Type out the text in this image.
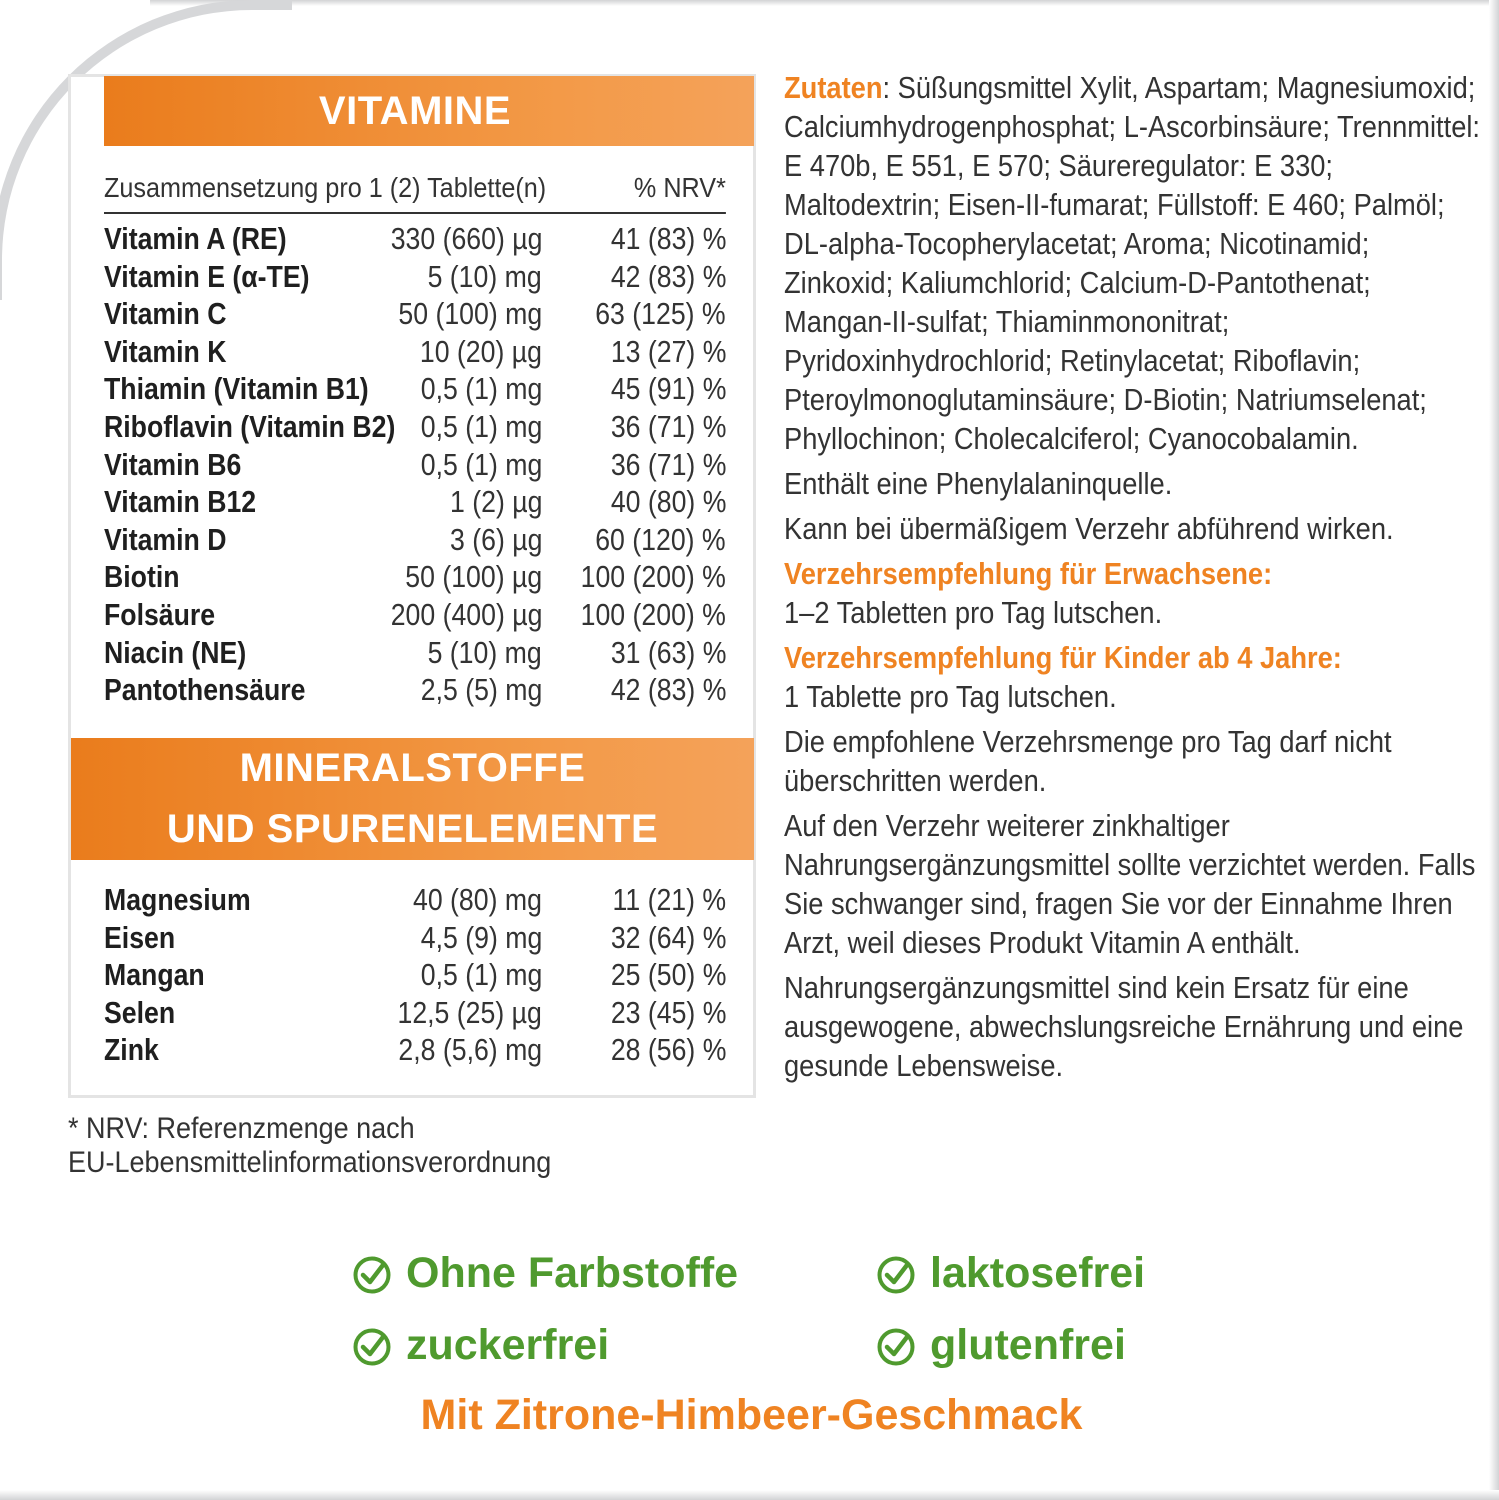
VITAMINE
Zusammensetzung pro 1 (2) Tablette(n)	% NRV*
Vitamin A (RE)	330 (660) µg 41 (83) %
Vitamin E (α-TE)	5 (10) mg 42 (83) %
Vitamin C	50 (100) mg 63 (125) %
Vitamin K	10 (20) µg 13 (27) %
Thiamin (Vitamin B1) 0,5 (1) mg 45 (91) %
Riboflavin (Vitamin B2) 0,5 (1) mg 36 (71) %
Vitamin B6	0,5 (1) mg 36 (71) %
Vitamin B12	1 (2) µg 40 (80) %
Vitamin D	3 (6) µg 60 (120) %
Biotin	50 (100) µg 100 (200) %
Folsäure	200 (400) µg 100 (200) %
Niacin (NE)	5 (10) mg 31 (63) %
Pantothensäure	2,5 (5) mg 42 (83) %
MINERALSTOFFE
UND SPURENELEMENTE
Magnesium	40 (80) mg 11 (21) %
Eisen	4,5 (9) mg 32 (64) %
Mangan	0,5 (1) mg 25 (50) %
Selen	12,5 (25) µg 23 (45) %
Zink	2,8 (5,6) mg 28 (56) %
* NRV: Referenzmenge nach
EU-Lebensmittelinformationsverordnung

Zutaten: Süßungsmittel Xylit, Aspartam; Magnesiumoxid; Calciumhydrogenphosphat; L-Ascorbinsäure; Trennmittel: E 470b, E 551, E 570; Säureregulator: E 330; Maltodextrin; Eisen-II-fumarat; Füllstoff: E 460; Palmöl; DL-alpha-Tocopherylacetat; Aroma; Nicotinamid; Zinkoxid; Kaliumchlorid; Calcium-D-Pantothenat; Mangan-II-sulfat; Thiaminmononitrat; Pyridoxinhydrochlorid; Retinylacetat; Riboflavin; Pteroylmonoglutaminsäure; D-Biotin; Natriumselenat; Phyllochinon; Cholecalciferol; Cyanocobalamin.

Enthält eine Phenylalaninquelle.

Kann bei übermäßigem Verzehr abführend wirken.

Verzehrsempfehlung für Erwachsene:

1–2 Tabletten pro Tag lutschen.

Verzehrsempfehlung für Kinder ab 4 Jahre:

1 Tablette pro Tag lutschen.

Die empfohlene Verzehrsmenge pro Tag darf nicht überschritten werden.

Auf den Verzehr weiterer zinkhaltiger Nahrungsergänzungsmittel sollte verzichtet werden. Falls Sie schwanger sind, fragen Sie vor der Einnahme Ihren Arzt, weil dieses Produkt Vitamin A enthält.

Nahrungsergänzungsmittel sind kein Ersatz für eine ausgewogene, abwechslungsreiche Ernährung und eine gesunde Lebensweise.

Ohne Farbstoffe	laktosefrei
zuckerfrei	glutenfrei
Mit Zitrone-Himbeer-Geschmack
